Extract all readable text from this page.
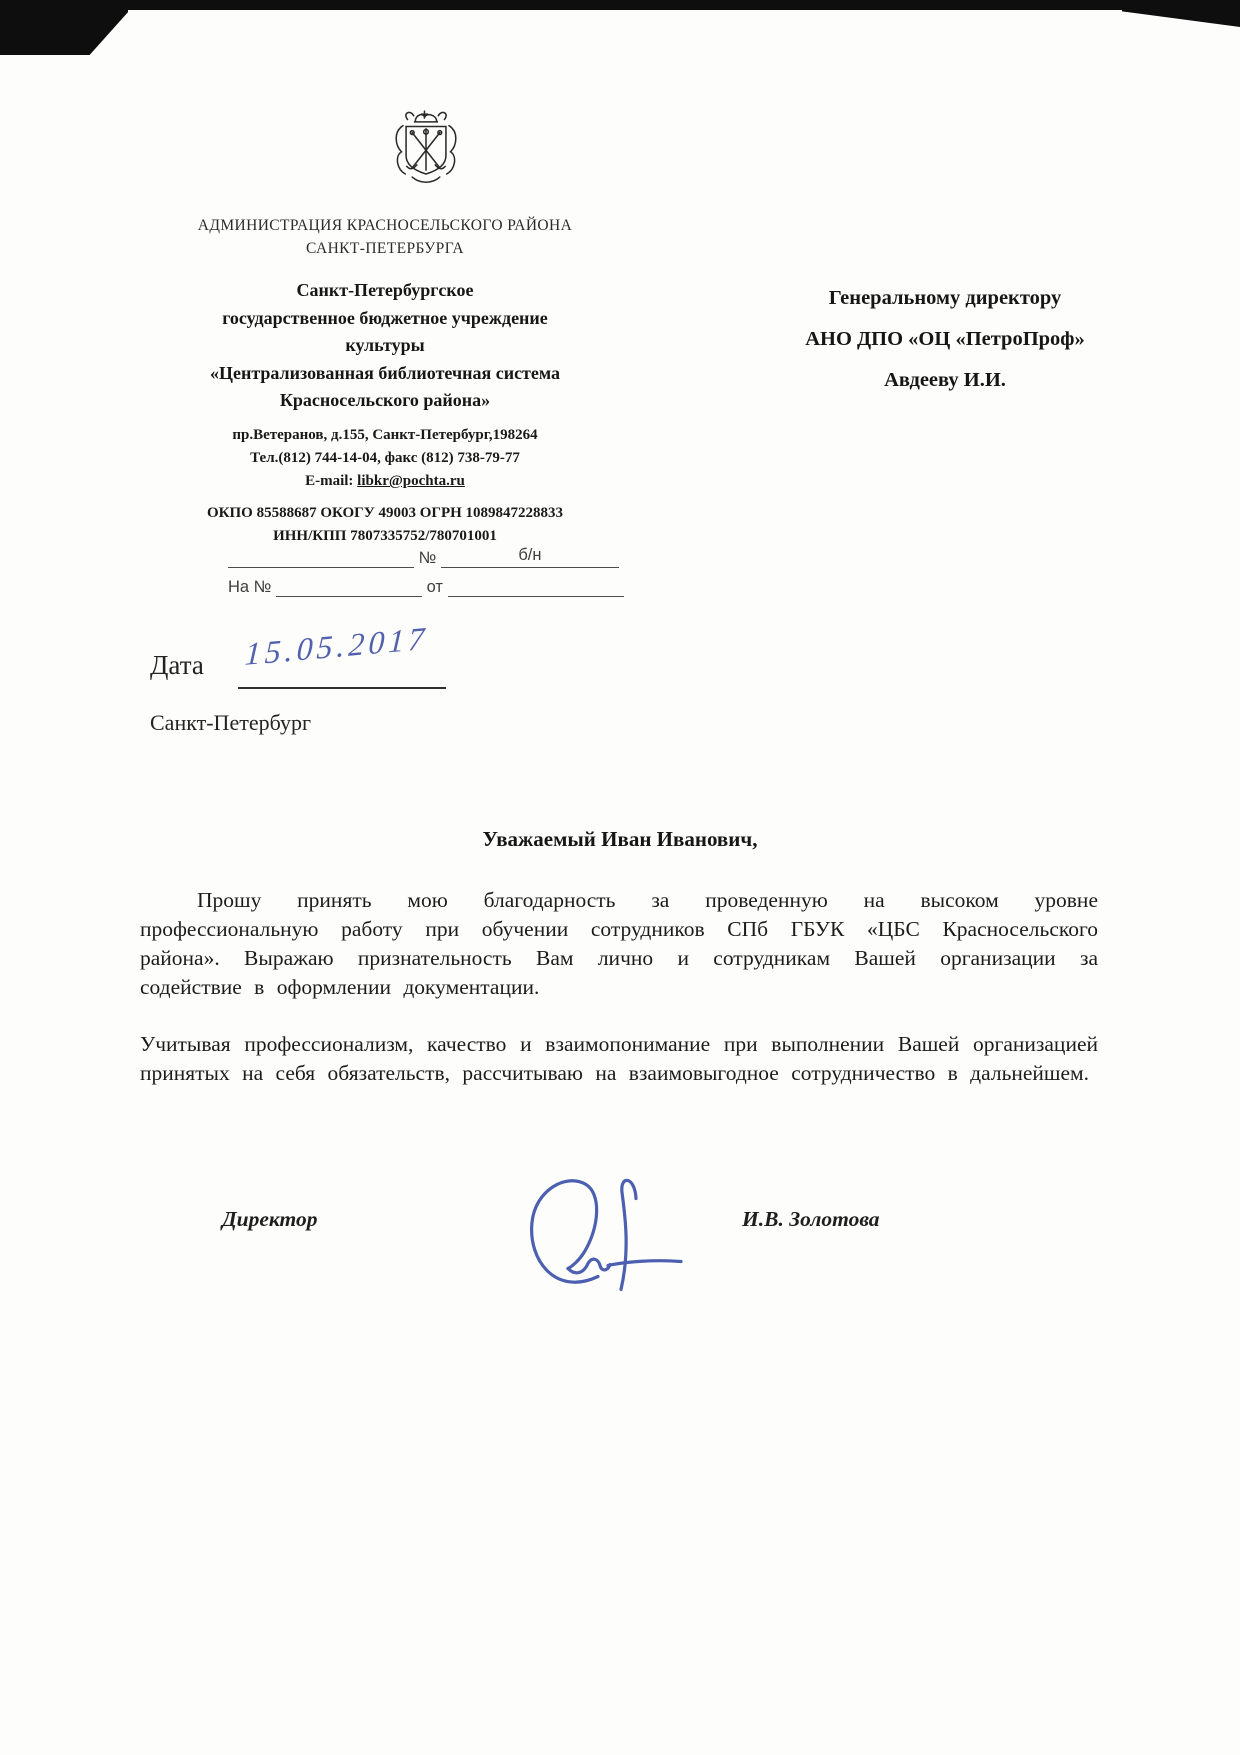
АДМИНИСТРАЦИЯ КРАСНОСЕЛЬСКОГО РАЙОНА
САНКТ-ПЕТЕРБУРГА
Санкт-Петербургское
государственное бюджетное учреждение
культуры
«Централизованная библиотечная система
Красносельского района»
Генеральному директору
АНО ДПО «ОЦ «ПетроПроф»
Авдееву И.И.
пр.Ветеранов, д.155, Санкт-Петербург,198264
Тел.(812) 744-14-04, факс (812) 738-79-77
E-mail: libkr@pochta.ru
ОКПО 85588687 ОКОГУ 49003 ОГРН 1089847228833
ИНН/КПП 7807335752/780701001
№	б/н
На №	от
Дата 15.05.2017
Санкт-Петербург
Уважаемый Иван Иванович,

Прошу принять мою благодарность за проведенную на высоком уровне профессиональную работу при обучении сотрудников СПб ГБУК «ЦБС Красносельского района». Выражаю признательность Вам лично и сотрудникам Вашей организации за содействие в оформлении документации.

Учитывая профессионализм, качество и взаимопонимание при выполнении Вашей организацией принятых на себя обязательств, рассчитываю на взаимовыгодное сотрудничество в дальнейшем.

Директор	И.В. Золотова
